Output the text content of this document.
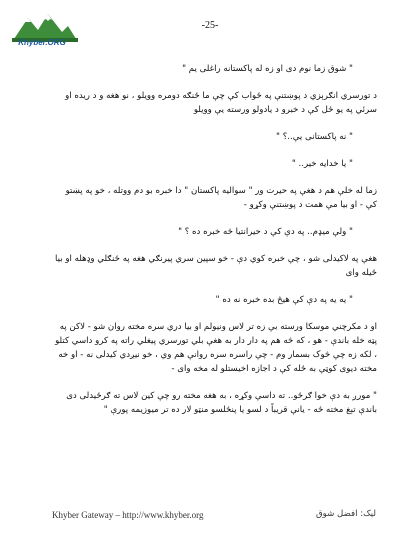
Khyber.ORG
-25-

" شوق زما نوم دی او زه له پاکستانه راغلی یم "

د تورسري انګرېزي د پوښتنې په ځواب کې چې ما ځنګه دومره وويلو ، نو هغه و د ريده او سرئي په يو ځل کې د خبرو د يادولو ورسته يې وويلو

" نه پاکستانی يې..؟ "

" يا خدايه خير.. "

زما له خلې هم د هغې په حيرت ور " سواليه پاکستان " دا خبره بو دم ووتله ، خو په پښتو کې - او بيا مې همت د پوښتنې وکړو -

" ولې ميډم.. په دې کې د حيرانتيا څه خبره ده ؟ "

هغې په لاکيدلی شو ، چې خبره کوي دې - خو سپين سري پيرنګي هغه په ځنګلي وډهله او بيا ځيله وای

" يه يه په دې کې هيڅ بده خبره نه ده "

او د مکرچني موسکا ورسته بې زه تر لاس ونيولم او بيا دري سره مخته روان شو - لاکن په پټه خله باندې - هو ، که څه هم په دار دار به هغې بلي تورسري پيغلي راته په کرو داسي کتلو ، لکه زه چې څوک بسمار وم - چې راسره سره روانې هم وي ، خو نيږدي کيدلی نه - او خه مخته ديوی کوټې به ځله کې د اجازه اخيستلو له مخه وای -

" مورږ به دې خوا ګرځو.. ته داسې وکړه ، به هغه مخته رو چې کين لاس ته ګرځيدلی دی باندې تېغ مخته ځه - يانې قريباً د لسو يا پنځلسو منټو لار ده تر ميوزيمه پورې "

Khyber Gateway – http://www.khyber.org	ليک: افضل شوق
